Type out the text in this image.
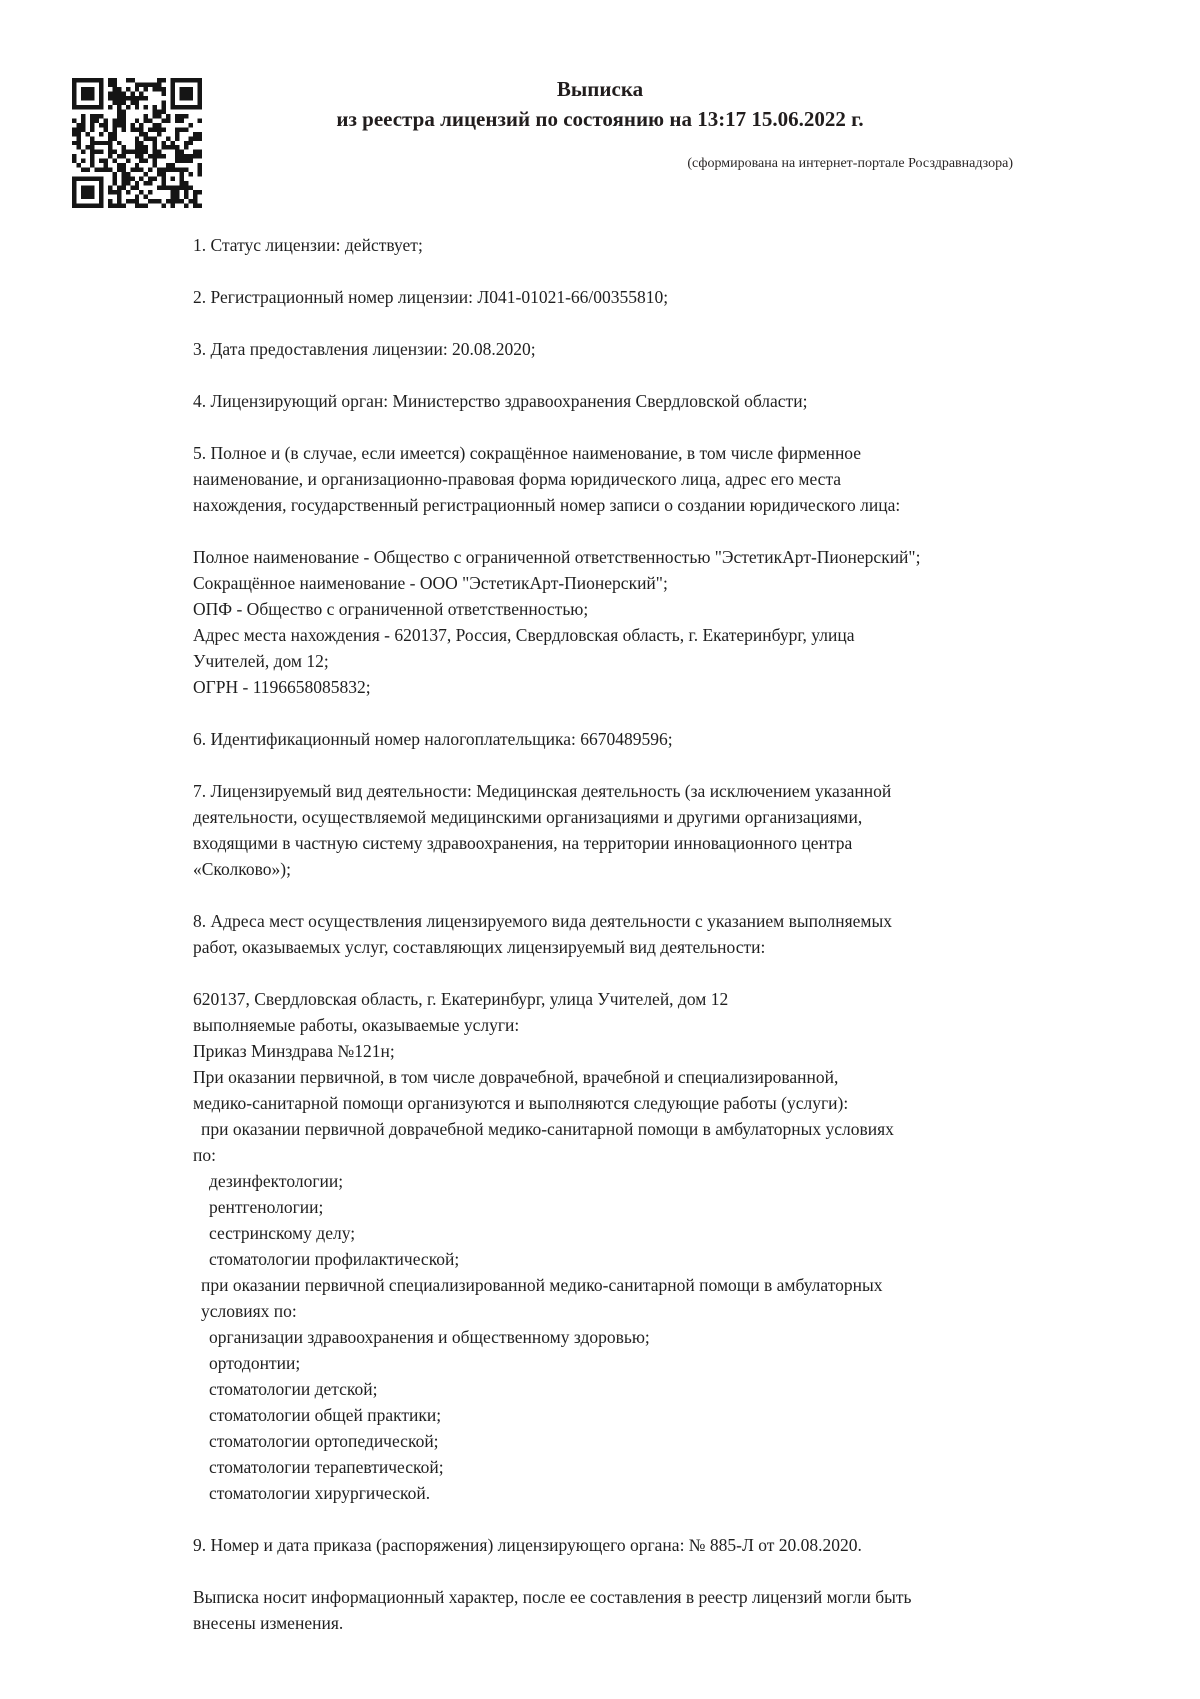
Выписка
из реестра лицензий по состоянию на 13:17 15.06.2022 г.
(сформирована на интернет-портале Росздравнадзора)
1. Статус лицензии: действует;
2. Регистрационный номер лицензии: Л041-01021-66/00355810;
3. Дата предоставления лицензии: 20.08.2020;
4. Лицензирующий орган: Министерство здравоохранения Свердловской области;
5. Полное и (в случае, если имеется) сокращённое наименование, в том числе фирменное
наименование, и организационно-правовая форма юридического лица, адрес его места
нахождения, государственный регистрационный номер записи о создании юридического лица:
Полное наименование - Общество с ограниченной ответственностью "ЭстетикАрт-Пионерский";
Сокращённое наименование - ООО "ЭстетикАрт-Пионерский";
ОПФ - Общество с ограниченной ответственностью;
Адрес места нахождения - 620137, Россия, Свердловская область, г. Екатеринбург, улица
Учителей, дом 12;
ОГРН - 1196658085832;
6. Идентификационный номер налогоплательщика: 6670489596;
7. Лицензируемый вид деятельности: Медицинская деятельность (за исключением указанной
деятельности, осуществляемой медицинскими организациями и другими организациями,
входящими в частную систему здравоохранения, на территории инновационного центра
«Сколково»);
8. Адреса мест осуществления лицензируемого вида деятельности с указанием выполняемых
работ, оказываемых услуг, составляющих лицензируемый вид деятельности:
620137, Свердловская область, г. Екатеринбург, улица Учителей, дом 12
выполняемые работы, оказываемые услуги:
Приказ Минздрава №121н;
При оказании первичной, в том числе доврачебной, врачебной и специализированной,
медико-санитарной помощи организуются и выполняются следующие работы (услуги):
при оказании первичной доврачебной медико-санитарной помощи в амбулаторных условиях
по:
дезинфектологии;
рентгенологии;
сестринскому делу;
стоматологии профилактической;
при оказании первичной специализированной медико-санитарной помощи в амбулаторных
условиях по:
организации здравоохранения и общественному здоровью;
ортодонтии;
стоматологии детской;
стоматологии общей практики;
стоматологии ортопедической;
стоматологии терапевтической;
стоматологии хирургической.
9. Номер и дата приказа (распоряжения) лицензирующего органа: № 885-Л от 20.08.2020.
Выписка носит информационный характер, после ее составления в реестр лицензий могли быть
внесены изменения.
